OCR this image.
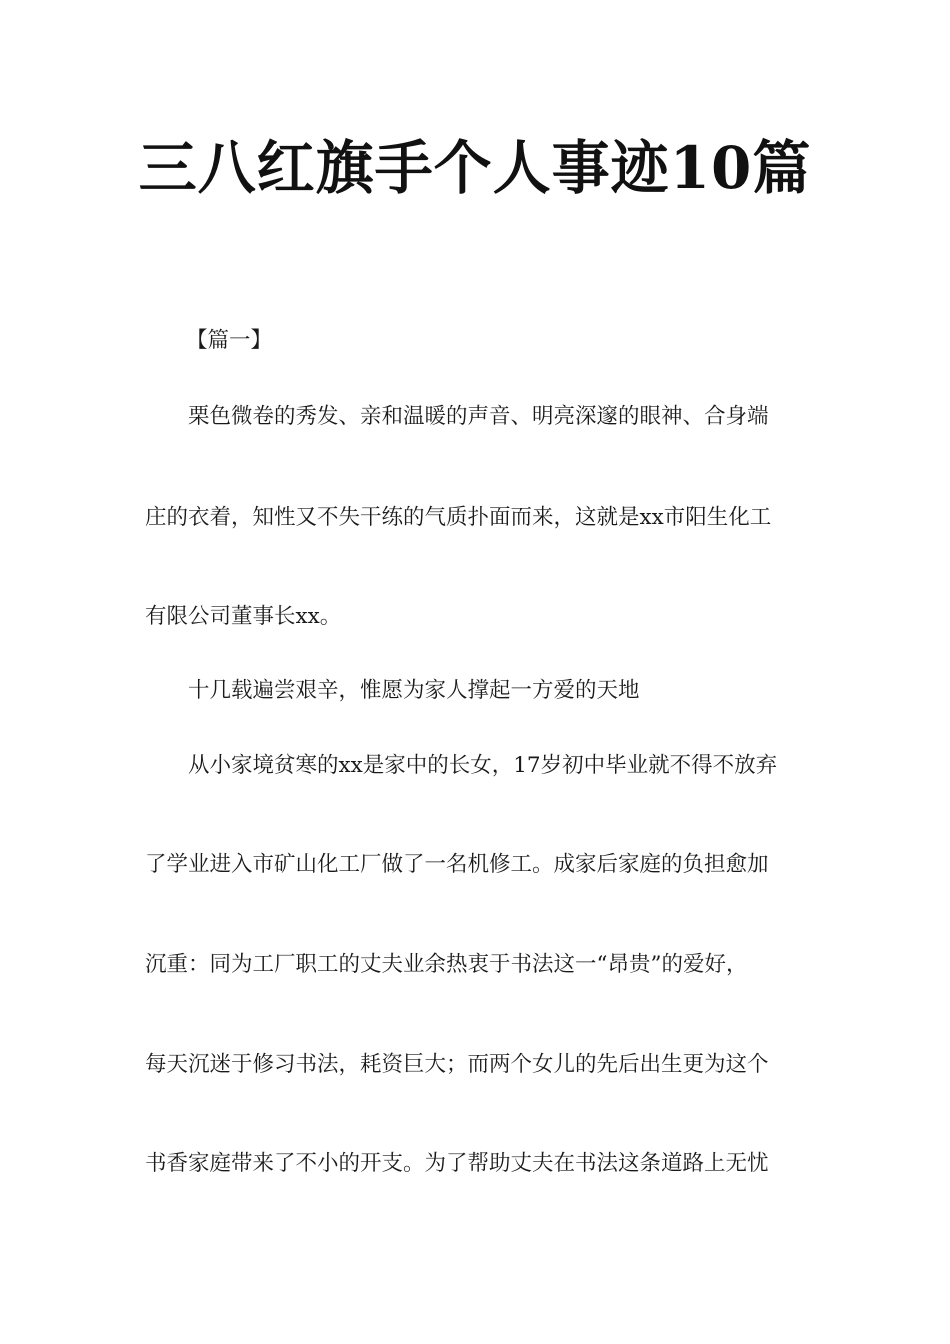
三八红旗手个人事迹10篇
【篇一】
栗色微卷的秀发、亲和温暖的声音、明亮深邃的眼神、合身端
庄的衣着，知性又不失干练的气质扑面而来，这就是xx市阳生化工
有限公司董事长xx。
十几载遍尝艰辛，惟愿为家人撑起一方爱的天地
从小家境贫寒的xx是家中的长女，17岁初中毕业就不得不放弃
了学业进入市矿山化工厂做了一名机修工。成家后家庭的负担愈加
沉重：同为工厂职工的丈夫业余热衷于书法这一“昂贵”的爱好，
每天沉迷于修习书法，耗资巨大；而两个女儿的先后出生更为这个
书香家庭带来了不小的开支。为了帮助丈夫在书法这条道路上无忧
